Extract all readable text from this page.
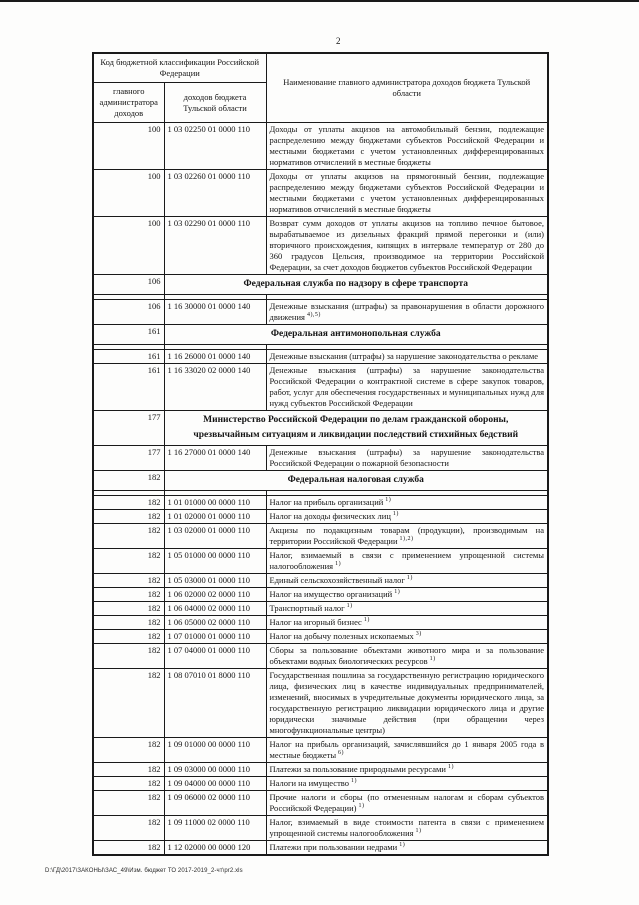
2
Код бюджетной классификации Российской Федерации		Наименование главного администратора доходов бюджета Тульской области
главного администратора доходов	доходов бюджета Тульской области	
100	1 03 02250 01 0000 110	Доходы от уплаты акцизов на автомобильный бензин, подлежащие распределению между бюджетами субъектов Российской Федерации и местными бюджетами с учетом установленных дифференцированных нормативов отчислений в местные бюджеты
100	1 03 02260 01 0000 110	Доходы от уплаты акцизов на прямогонный бензин, подлежащие распределению между бюджетами субъектов Российской Федерации и местными бюджетами с учетом установленных дифференцированных нормативов отчислений в местные бюджеты
100	1 03 02290 01 0000 110	Возврат сумм доходов от уплаты акцизов на топливо печное бытовое, вырабатываемое из дизельных фракций прямой перегонки и (или) вторичного происхождения, кипящих в интервале температур от 280 до 360 градусов Цельсия, производимое на территории Российской Федерации, за счет доходов бюджетов субъектов Российской Федерации
106	Федеральная служба по надзору в сфере транспорта	

106	1 16 30000 01 0000 140	Денежные взыскания (штрафы) за правонарушения в области дорожного движения $^{4),5)}$
161	Федеральная антимонопольная служба	

161	1 16 26000 01 0000 140	Денежные взыскания (штрафы) за нарушение законодательства о рекламе
161	1 16 33020 02 0000 140	Денежные взыскания (штрафы) за нарушение законодательства Российской Федерации о контрактной системе в сфере закупок товаров, работ, услуг для обеспечения государственных и муниципальных нужд для нужд субъектов Российской Федерации
177	Министерство Российской Федерации по делам гражданской обороны, чрезвычайным ситуациям и ликвидации последствий стихийных бедствий	
177	1 16 27000 01 0000 140	Денежные взыскания (штрафы) за нарушение законодательства Российской Федерации о пожарной безопасности
182	Федеральная налоговая служба	

182	1 01 01000 00 0000 110	Налог на прибыль организаций $^{1)}$
182	1 01 02000 01 0000 110	Налог на доходы физических лиц $^{1)}$
182	1 03 02000 01 0000 110	Акцизы по подакцизным товарам (продукции), производимым на территории Российской Федерации $^{1),2)}$
182	1 05 01000 00 0000 110	Налог, взимаемый в связи с применением упрощенной системы налогообложения $^{1)}$
182	1 05 03000 01 0000 110	Единый сельскохозяйственный налог $^{1)}$
182	1 06 02000 02 0000 110	Налог на имущество организаций $^{1)}$
182	1 06 04000 02 0000 110	Транспортный налог $^{1)}$
182	1 06 05000 02 0000 110	Налог на игорный бизнес $^{1)}$
182	1 07 01000 01 0000 110	Налог на добычу полезных ископаемых $^{3)}$
182	1 07 04000 01 0000 110	Сборы за пользование объектами животного мира и за пользование объектами водных биологических ресурсов $^{1)}$
182	1 08 07010 01 8000 110	Государственная пошлина за государственную регистрацию юридического лица, физических лиц в качестве индивидуальных предпринимателей, изменений, вносимых в учредительные документы юридического лица, за государственную регистрацию ликвидации юридического лица и другие юридически значимые действия (при обращении через многофункциональные центры)
182	1 09 01000 00 0000 110	Налог на прибыль организаций, зачислявшийся до 1 января 2005 года в местные бюджеты $^{6)}$
182	1 09 03000 00 0000 110	Платежи за пользование природными ресурсами $^{1)}$
182	1 09 04000 00 0000 110	Налоги на имущество $^{1)}$
182	1 09 06000 02 0000 110	Прочие налоги и сборы (по отмененным налогам и сборам субъектов Российской Федерации) $^{1)}$
182	1 09 11000 02 0000 110	Налог, взимаемый в виде стоимости патента в связи с применением упрощенной системы налогообложения $^{1)}$
182	1 12 02000 00 0000 120	Платежи при пользовании недрами $^{1)}$
D:\ГД\2017\ЗАКОНЫ\ЗАС_49\Изм. бюджет ТО 2017-2019_2-чт\pr2.xls
